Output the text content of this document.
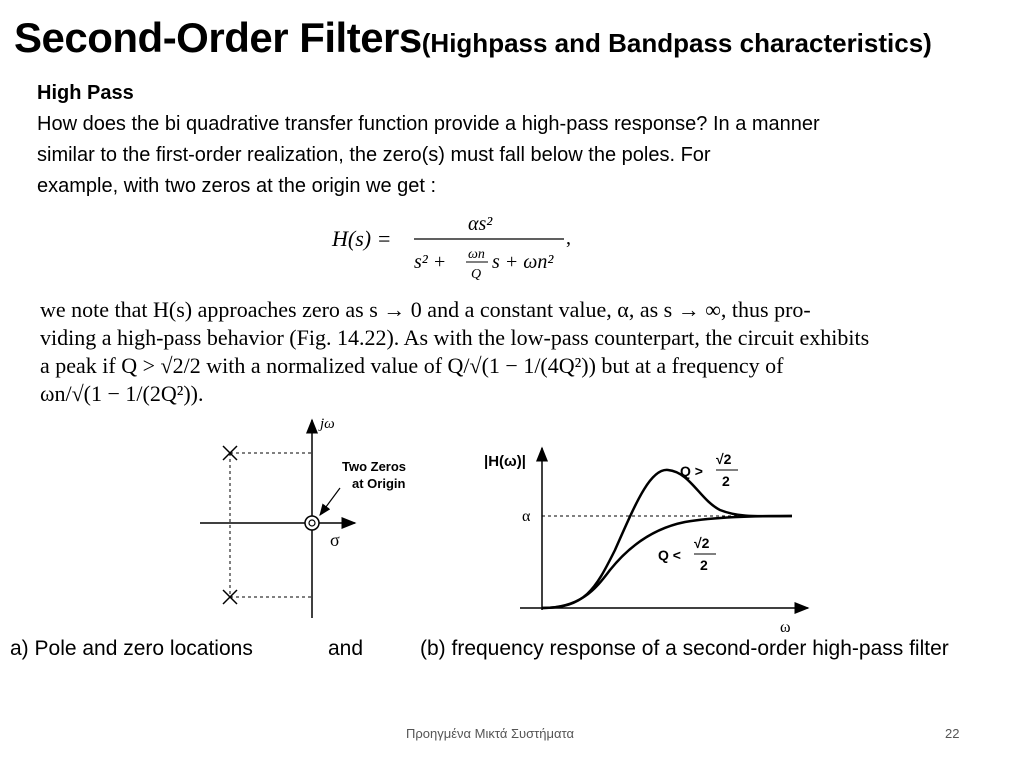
Second-Order Filters(Highpass and Bandpass characteristics)
High Pass
How does the bi quadrative transfer function provide a high-pass response? In a manner
similar to the first-order realization, the zero(s) must fall below the poles. For
example, with two zeros at the origin we get :
H(s) =
αs²
s² + ωn
Q
s + ωn²
,
we note that H(s) approaches zero as s → 0 and a constant value, α, as s → ∞, thus pro-
viding a high-pass behavior (Fig. 14.22). As with the low-pass counterpart, the circuit exhibits
a peak if Q > √2/2 with a normalized value of Q/√(1 − 1/(4Q²)) but at a frequency of
ωn/√(1 − 1/(2Q²)).
Two Zeros
at Origin
jω
σ
|H(ω)|
α
ω
Q >
√2
2
Q <
√2
2
a) Pole and zero locations	and	(b) frequency response of a second-order high-pass filter
Προηγμένα Μικτά Συστήματα	22
